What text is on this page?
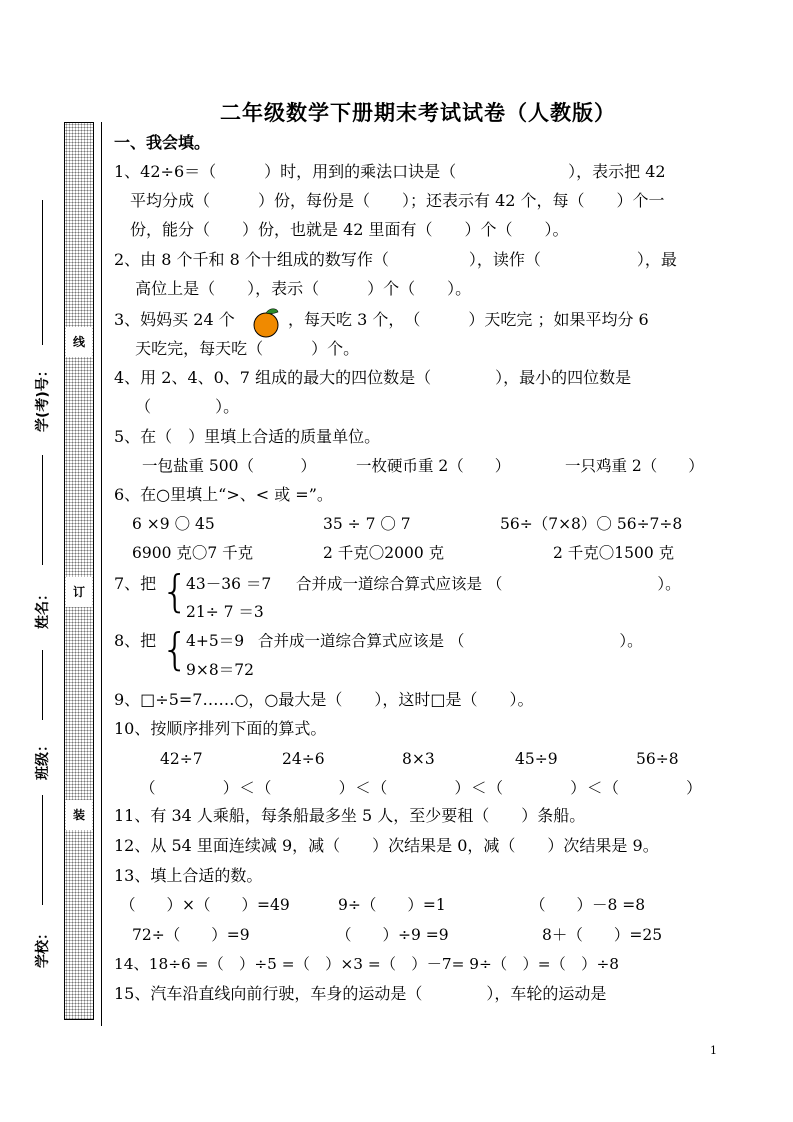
二年级数学下册期末考试试卷（人教版）
线
订
装
学(考)号：
姓名：
班级：
学校：
一、我会填。
1、42÷6＝（　　　）时，用到的乘法口诀是（　　　　　　　），表示把 42
　平均分成（　　　）份，每份是（　　）；还表示有 42 个，每（　　）个一
　份，能分（　　）份，也就是 42 里面有（　　）个（　　）。
2、由 8 个千和 8 个十组成的数写作（　　　　　），读作（　　　　　　），最
　 高位上是（　　），表示（　　　）个（　　）。
3、妈妈买 24 个	，每天吃 3 个，　（　　　）天吃完 ；如果平均分 6
　 天吃完，每天吃（　　　）个。
4、用 2、4、0、7 组成的最大的四位数是（　　　　），最小的四位数是
　 （　　　　）。
5、在（　）里填上合适的质量单位。
一包盐重 500（　　　）	一枚硬币重 2（　　）	一只鸡重 2（　　）
6、在○里填上“>、< 或 =”。
6 ×9 〇 45	35 ÷ 7 〇 7	56÷（7×8）〇 56÷7÷8
6900 克〇7 千克	2 千克〇2000 克	2 千克〇1500 克
7、把 {
43－36 ＝7
21÷ 7 ＝3
合并成一道综合算式应该是 （　　　　　　　　　　）。
8、把 {
4+5＝9
9×8＝72
合并成一道综合算式应该是 （　　　　　　　　　　）。
9、□÷5=7……○，○最大是（　　），这时□是（　　）。
10、按顺序排列下面的算式。
42÷7	24÷6	8×3	45÷9	56÷8
（　　　　）＜（　　　　）＜（　　　　）＜（　　　　）＜（　　　　）
11、有 34 人乘船，每条船最多坐 5 人，至少要租（　　）条船。
12、从 54 里面连续减 9，减（　　）次结果是 0，减（　　）次结果是 9。
13、填上合适的数。
（　　）×（　　）=49	9÷（　　）=1	（　　）－8 =8
72÷（　　）=9	（　　）÷9 =9	8＋（　　）=25
14、18÷6 =（　）÷5 =（　）×3 =（　）－7= 9÷（　）=（　）÷8
15、汽车沿直线向前行驶，车身的运动是（　　　　），车轮的运动是
1
